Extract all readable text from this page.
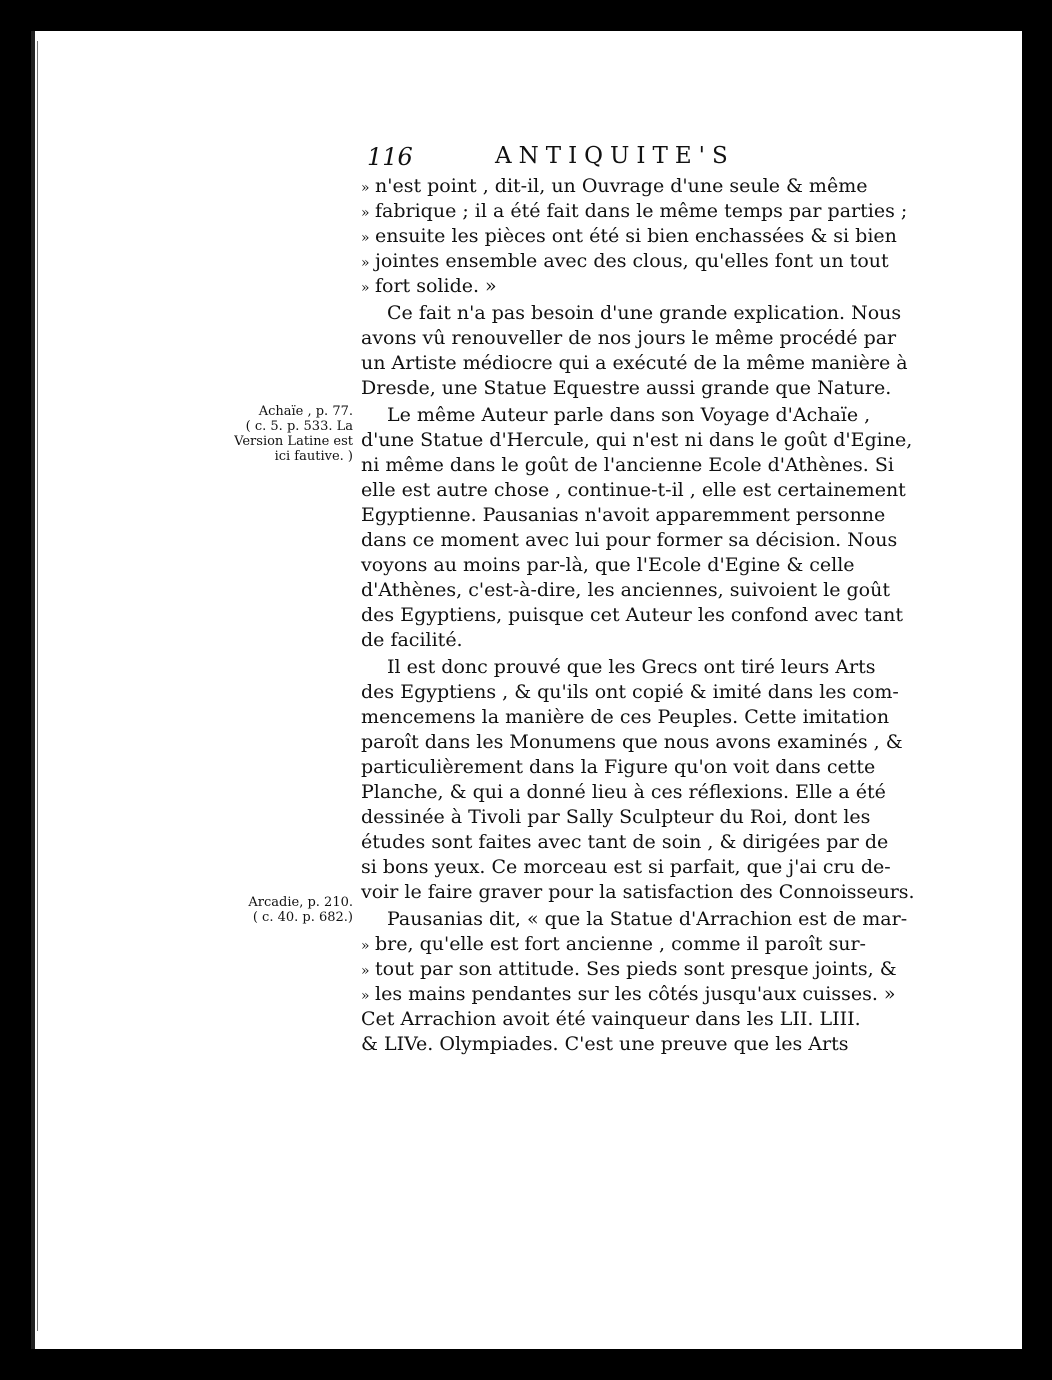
116	ANTIQUITE'S
» n'est point , dit-il, un Ouvrage d'une seule & même
» fabrique ; il a été fait dans le même temps par parties ;
» ensuite les pièces ont été si bien enchassées & si bien
» jointes ensemble avec des clous, qu'elles font un tout
» fort solide. »
Ce fait n'a pas besoin d'une grande explication. Nous
avons vû renouveller de nos jours le même procédé par
un Artiste médiocre qui a exécuté de la même manière à
Dresde, une Statue Equestre aussi grande que Nature.
Le même Auteur parle dans son Voyage d'Achaïe ,
d'une Statue d'Hercule, qui n'est ni dans le goût d'Egine,
ni même dans le goût de l'ancienne Ecole d'Athènes. Si
elle est autre chose , continue-t-il , elle est certainement
Egyptienne. Pausanias n'avoit apparemment personne
dans ce moment avec lui pour former sa décision. Nous
voyons au moins par-là, que l'Ecole d'Egine & celle
d'Athènes, c'est-à-dire, les anciennes, suivoient le goût
des Egyptiens, puisque cet Auteur les confond avec tant
de facilité.
Il est donc prouvé que les Grecs ont tiré leurs Arts
des Egyptiens , & qu'ils ont copié & imité dans les com-
mencemens la manière de ces Peuples. Cette imitation
paroît dans les Monumens que nous avons examinés , &
particulièrement dans la Figure qu'on voit dans cette
Planche, & qui a donné lieu à ces réflexions. Elle a été
dessinée à Tivoli par Sally Sculpteur du Roi, dont les
études sont faites avec tant de soin , & dirigées par de
si bons yeux. Ce morceau est si parfait, que j'ai cru de-
voir le faire graver pour la satisfaction des Connoisseurs.
Pausanias dit, « que la Statue d'Arrachion est de mar-
» bre, qu'elle est fort ancienne , comme il paroît sur-
» tout par son attitude. Ses pieds sont presque joints, &
» les mains pendantes sur les côtés jusqu'aux cuisses. »
Cet Arrachion avoit été vainqueur dans les LII. LIII.
& LIVe. Olympiades. C'est une preuve que les Arts
Achaïe , p. 77.
( c. 5. p. 533. La
Version Latine est
ici fautive. )
Arcadie, p. 210.
( c. 40. p. 682.)
